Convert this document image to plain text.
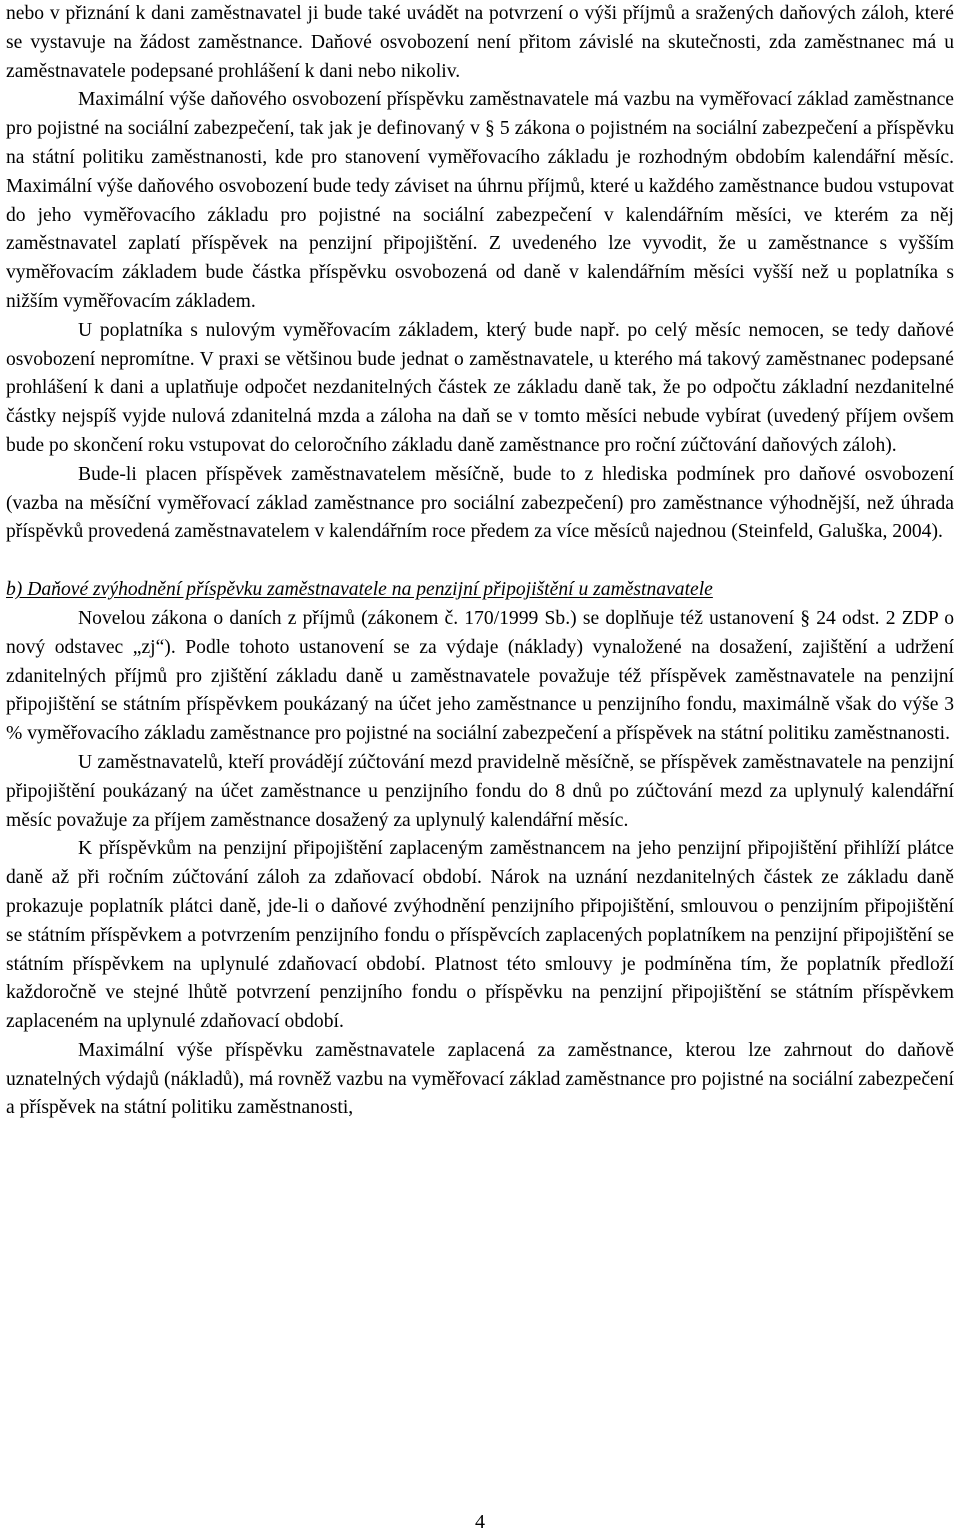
nebo v přiznání k dani zaměstnavatel ji bude také uvádět na potvrzení o výši příjmů a sražených daňových záloh, které se vystavuje na žádost zaměstnance. Daňové osvobození není přitom závislé na skutečnosti, zda zaměstnanec má u zaměstnavatele podepsané prohlášení k dani nebo nikoliv.

Maximální výše daňového osvobození příspěvku zaměstnavatele má vazbu na vyměřovací základ zaměstnance pro pojistné na sociální zabezpečení, tak jak je definovaný v § 5 zákona o pojistném na sociální zabezpečení a příspěvku na státní politiku zaměstnanosti, kde pro stanovení vyměřovacího základu je rozhodným obdobím kalendářní měsíc. Maximální výše daňového osvobození bude tedy záviset na úhrnu příjmů, které u každého zaměstnance budou vstupovat do jeho vyměřovacího základu pro pojistné na sociální zabezpečení v kalendářním měsíci, ve kterém za něj zaměstnavatel zaplatí příspěvek na penzijní připojištění. Z uvedeného lze vyvodit, že u zaměstnance s vyšším vyměřovacím základem bude částka příspěvku osvobozená od daně v kalendářním měsíci vyšší než u poplatníka s nižším vyměřovacím základem.

U poplatníka s nulovým vyměřovacím základem, který bude např. po celý měsíc nemocen, se tedy daňové osvobození nepromítne. V praxi se většinou bude jednat o zaměstnavatele, u kterého má takový zaměstnanec podepsané prohlášení k dani a uplatňuje odpočet nezdanitelných částek ze základu daně tak, že po odpočtu základní nezdanitelné částky nejspíš vyjde nulová zdanitelná mzda a záloha na daň se v tomto měsíci nebude vybírat (uvedený příjem ovšem bude po skončení roku vstupovat do celoročního základu daně zaměstnance pro roční zúčtování daňových záloh).

Bude-li placen příspěvek zaměstnavatelem měsíčně, bude to z hlediska podmínek pro daňové osvobození (vazba na měsíční vyměřovací základ zaměstnance pro sociální zabezpečení) pro zaměstnance výhodnější, než úhrada příspěvků provedená zaměstnavatelem v kalendářním roce předem za více měsíců najednou (Steinfeld, Galuška, 2004).

b) Daňové zvýhodnění příspěvku zaměstnavatele na penzijní připojištění u zaměstnavatele

Novelou zákona o daních z příjmů (zákonem č. 170/1999 Sb.) se doplňuje též ustanovení § 24 odst. 2 ZDP o nový odstavec „zj“). Podle tohoto ustanovení se za výdaje (náklady) vynaložené na dosažení, zajištění a udržení zdanitelných příjmů pro zjištění základu daně u zaměstnavatele považuje též příspěvek zaměstnavatele na penzijní připojištění se státním příspěvkem poukázaný na účet jeho zaměstnance u penzijního fondu, maximálně však do výše 3 % vyměřovacího základu zaměstnance pro pojistné na sociální zabezpečení a příspěvek na státní politiku zaměstnanosti.

U zaměstnavatelů, kteří provádějí zúčtování mezd pravidelně měsíčně, se příspěvek zaměstnavatele na penzijní připojištění poukázaný na účet zaměstnance u penzijního fondu do 8 dnů po zúčtování mezd za uplynulý kalendářní měsíc považuje za příjem zaměstnance dosažený za uplynulý kalendářní měsíc.

K příspěvkům na penzijní připojištění zaplaceným zaměstnancem na jeho penzijní připojištění přihlíží plátce daně až při ročním zúčtování záloh za zdaňovací období. Nárok na uznání nezdanitelných částek ze základu daně prokazuje poplatník plátci daně, jde-li o daňové zvýhodnění penzijního připojištění, smlouvou o penzijním připojištění se státním příspěvkem a potvrzením penzijního fondu o příspěvcích zaplacených poplatníkem na penzijní připojištění se státním příspěvkem na uplynulé zdaňovací období. Platnost této smlouvy je podmíněna tím, že poplatník předloží každoročně ve stejné lhůtě potvrzení penzijního fondu o příspěvku na penzijní připojištění se státním příspěvkem zaplaceném na uplynulé zdaňovací období.

Maximální výše příspěvku zaměstnavatele zaplacená za zaměstnance, kterou lze zahrnout do daňově uznatelných výdajů (nákladů), má rovněž vazbu na vyměřovací základ zaměstnance pro pojistné na sociální zabezpečení a příspěvek na státní politiku zaměstnanosti,

4
